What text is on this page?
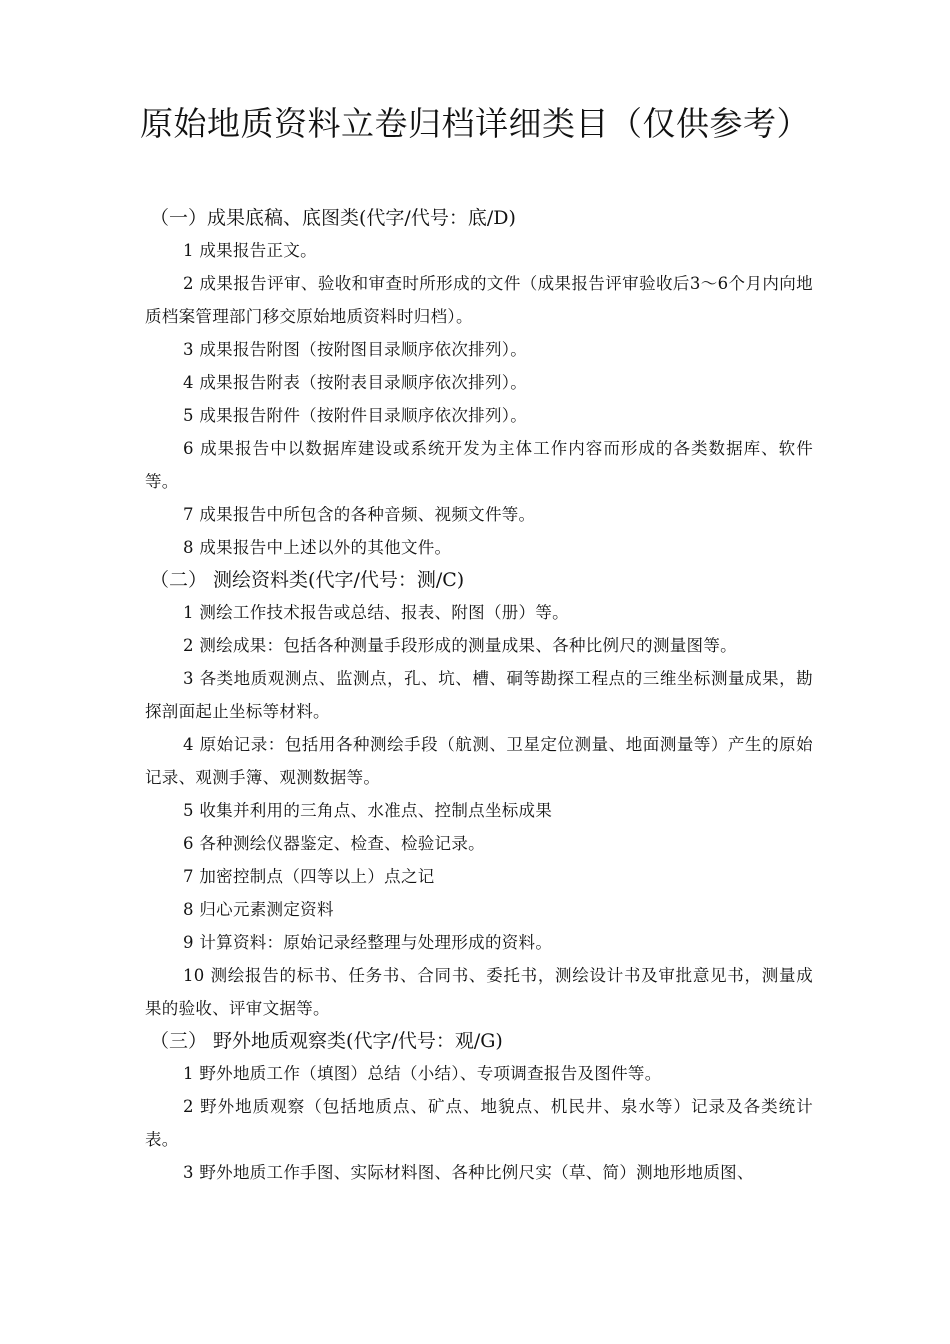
原始地质资料立卷归档详细类目（仅供参考）
（一）成果底稿、底图类(代字/代号：底/D)
1 成果报告正文。
2 成果报告评审、验收和审查时所形成的文件（成果报告评审验收后3～6个月内向地质档案管理部门移交原始地质资料时归档）。
3 成果报告附图（按附图目录顺序依次排列）。
4 成果报告附表（按附表目录顺序依次排列）。
5 成果报告附件（按附件目录顺序依次排列）。
6 成果报告中以数据库建设或系统开发为主体工作内容而形成的各类数据库、软件等。
7 成果报告中所包含的各种音频、视频文件等。
8 成果报告中上述以外的其他文件。
（二） 测绘资料类(代字/代号：测/C)
1 测绘工作技术报告或总结、报表、附图（册）等。
2 测绘成果：包括各种测量手段形成的测量成果、各种比例尺的测量图等。
3 各类地质观测点、监测点，孔、坑、槽、硐等勘探工程点的三维坐标测量成果，勘探剖面起止坐标等材料。
4 原始记录：包括用各种测绘手段（航测、卫星定位测量、地面测量等）产生的原始记录、观测手簿、观测数据等。
5 收集并利用的三角点、水准点、控制点坐标成果
6 各种测绘仪器鉴定、检查、检验记录。
7 加密控制点（四等以上）点之记
8 归心元素测定资料
9 计算资料：原始记录经整理与处理形成的资料。
10 测绘报告的标书、任务书、合同书、委托书，测绘设计书及审批意见书，测量成果的验收、评审文据等。
（三） 野外地质观察类(代字/代号：观/G)
1 野外地质工作（填图）总结（小结）、专项调查报告及图件等。
2 野外地质观察（包括地质点、矿点、地貌点、机民井、泉水等）记录及各类统计表。
3 野外地质工作手图、实际材料图、各种比例尺实（草、简）测地形地质图、
